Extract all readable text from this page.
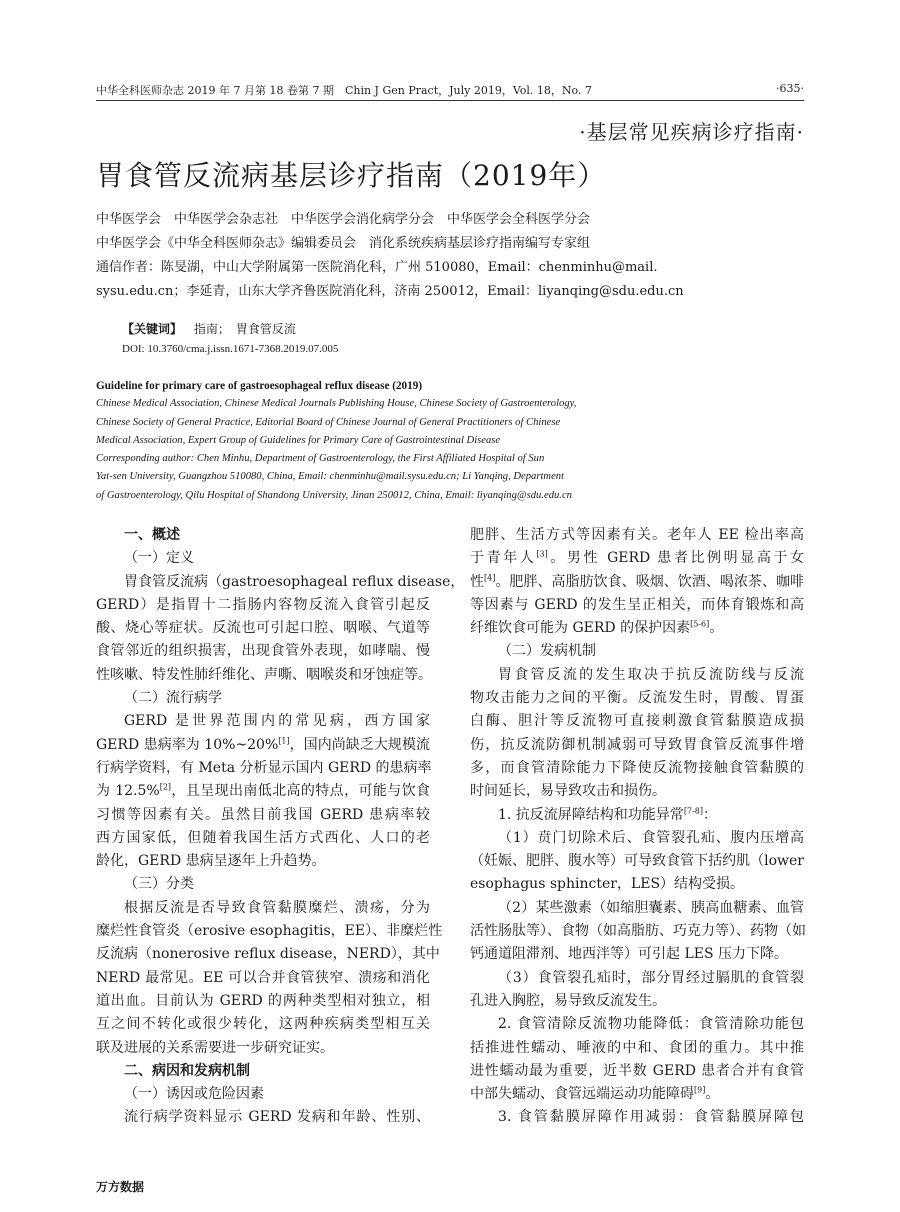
中华全科医师杂志 2019 年 7 月第 18 卷第 7 期　Chin J Gen Pract，July 2019，Vol. 18，No. 7	·635·
·基层常见疾病诊疗指南·
胃食管反流病基层诊疗指南（2019年）
中华医学会　中华医学会杂志社　中华医学会消化病学分会　中华医学会全科医学分会
中华医学会《中华全科医师杂志》编辑委员会　消化系统疾病基层诊疗指南编写专家组
通信作者：陈旻湖，中山大学附属第一医院消化科，广州 510080，Email：chenminhu@mail.
sysu.edu.cn；李延青，山东大学齐鲁医院消化科，济南 250012，Email：liyanqing@sdu.edu.cn
【关键词】 指南；　胃食管反流
DOI: 10.3760/cma.j.issn.1671-7368.2019.07.005
Guideline for primary care of gastroesophageal reflux disease (2019)
Chinese Medical Association, Chinese Medical Journals Publishing House, Chinese Society of Gastroenterology,
Chinese Society of General Practice, Editorial Board of Chinese Journal of General Practitioners of Chinese
Medical Association, Expert Group of Guidelines for Primary Care of Gastrointestinal Disease
Corresponding author: Chen Minhu, Department of Gastroenterology, the First Affiliated Hospital of Sun
Yat-sen University, Guangzhou 510080, China, Email: chenminhu@mail.sysu.edu.cn; Li Yanqing, Department
of Gastroenterology, Qilu Hospital of Shandong University, Jinan 250012, China, Email: liyanqing@sdu.edu.cn
一、概述
（一）定义
胃食管反流病（gastroesophageal reflux disease，
GERD）是指胃十二指肠内容物反流入食管引起反
酸、烧心等症状。反流也可引起口腔、咽喉、气道等
食管邻近的组织损害，出现食管外表现，如哮喘、慢
性咳嗽、特发性肺纤维化、声嘶、咽喉炎和牙蚀症等。
（二）流行病学
GERD 是世界范围内的常见病，西方国家
GERD 患病率为 10%~20%[1]，国内尚缺乏大规模流
行病学资料，有 Meta 分析显示国内 GERD 的患病率
为 12.5%[2]，且呈现出南低北高的特点，可能与饮食
习惯等因素有关。虽然目前我国 GERD 患病率较
西方国家低，但随着我国生活方式西化、人口的老
龄化，GERD 患病呈逐年上升趋势。
（三）分类
根据反流是否导致食管黏膜糜烂、溃疡，分为
糜烂性食管炎（erosive esophagitis，EE）、非糜烂性
反流病（nonerosive reflux disease，NERD），其中
NERD 最常见。EE 可以合并食管狭窄、溃疡和消化
道出血。目前认为 GERD 的两种类型相对独立，相
互之间不转化或很少转化，这两种疾病类型相互关
联及进展的关系需要进一步研究证实。
二、病因和发病机制
（一）诱因或危险因素
流行病学资料显示 GERD 发病和年龄、性别、
肥胖、生活方式等因素有关。老年人 EE 检出率高
于青年人[3]。男性 GERD 患者比例明显高于女
性[4]。肥胖、高脂肪饮食、吸烟、饮酒、喝浓茶、咖啡
等因素与 GERD 的发生呈正相关，而体育锻炼和高
纤维饮食可能为 GERD 的保护因素[5-6]。
（二）发病机制
胃食管反流的发生取决于抗反流防线与反流
物攻击能力之间的平衡。反流发生时，胃酸、胃蛋
白酶、胆汁等反流物可直接刺激食管黏膜造成损
伤，抗反流防御机制减弱可导致胃食管反流事件增
多，而食管清除能力下降使反流物接触食管黏膜的
时间延长，易导致攻击和损伤。
1. 抗反流屏障结构和功能异常[7-8]：
（1）贲门切除术后、食管裂孔疝、腹内压增高
（妊娠、肥胖、腹水等）可导致食管下括约肌（lower
esophagus sphincter，LES）结构受损。
（2）某些激素（如缩胆囊素、胰高血糖素、血管
活性肠肽等）、食物（如高脂肪、巧克力等）、药物（如
钙通道阻滞剂、地西泮等）可引起 LES 压力下降。
（3）食管裂孔疝时，部分胃经过膈肌的食管裂
孔进入胸腔，易导致反流发生。
2. 食管清除反流物功能降低：食管清除功能包
括推进性蠕动、唾液的中和、食团的重力。其中推
进性蠕动最为重要，近半数 GERD 患者合并有食管
中部失蠕动、食管远端运动功能障碍[9]。
3. 食管黏膜屏障作用减弱：食管黏膜屏障包
万方数据
